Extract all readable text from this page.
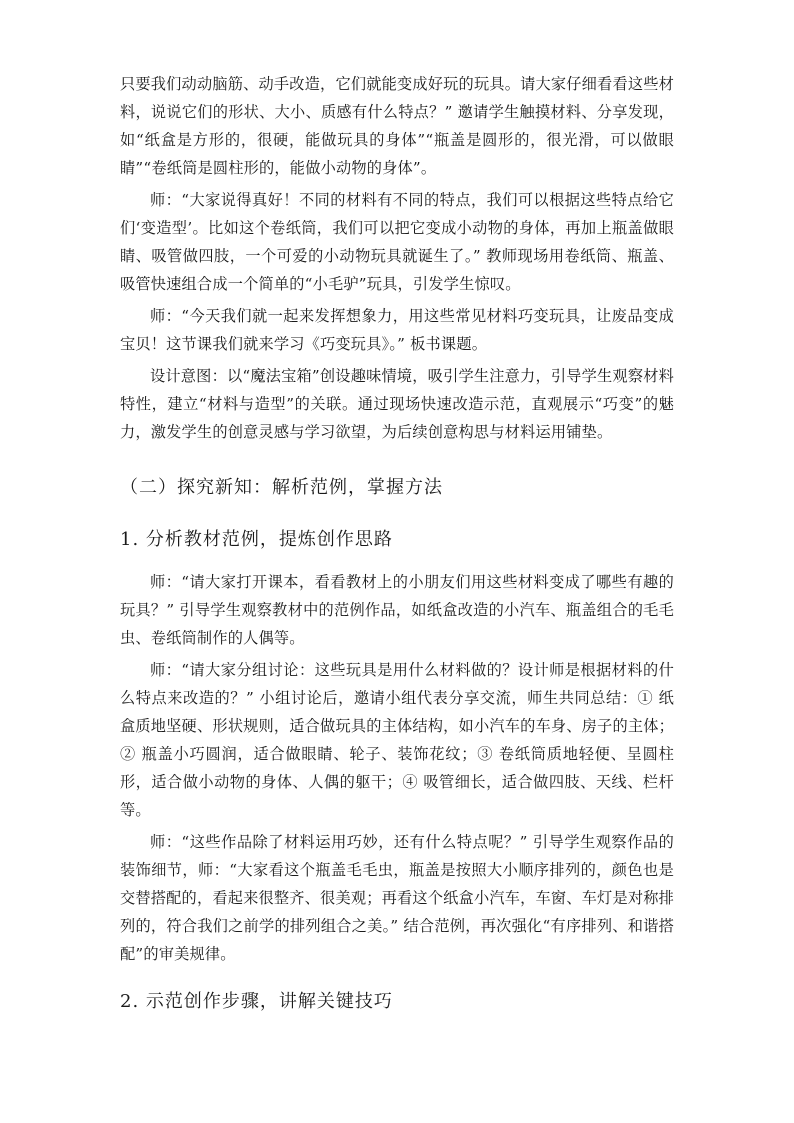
只要我们动动脑筋、动手改造，它们就能变成好玩的玩具。请大家仔细看看这些材料，说说它们的形状、大小、质感有什么特点？” 邀请学生触摸材料、分享发现，如“纸盒是方形的，很硬，能做玩具的身体”“瓶盖是圆形的，很光滑，可以做眼睛”“卷纸筒是圆柱形的，能做小动物的身体”。

师：“大家说得真好！不同的材料有不同的特点，我们可以根据这些特点给它们‘变造型’。比如这个卷纸筒，我们可以把它变成小动物的身体，再加上瓶盖做眼睛、吸管做四肢，一个可爱的小动物玩具就诞生了。” 教师现场用卷纸筒、瓶盖、吸管快速组合成一个简单的“小毛驴”玩具，引发学生惊叹。

师：“今天我们就一起来发挥想象力，用这些常见材料巧变玩具，让废品变成宝贝！这节课我们就来学习《巧变玩具》。” 板书课题。

设计意图：以“魔法宝箱”创设趣味情境，吸引学生注意力，引导学生观察材料特性，建立“材料与造型”的关联。通过现场快速改造示范，直观展示“巧变”的魅力，激发学生的创意灵感与学习欲望，为后续创意构思与材料运用铺垫。

（二）探究新知：解析范例，掌握方法
1. 分析教材范例，提炼创作思路

师：“请大家打开课本，看看教材上的小朋友们用这些材料变成了哪些有趣的玩具？” 引导学生观察教材中的范例作品，如纸盒改造的小汽车、瓶盖组合的毛毛虫、卷纸筒制作的人偶等。

师：“请大家分组讨论：这些玩具是用什么材料做的？设计师是根据材料的什么特点来改造的？” 小组讨论后，邀请小组代表分享交流，师生共同总结：① 纸盒质地坚硬、形状规则，适合做玩具的主体结构，如小汽车的车身、房子的主体；② 瓶盖小巧圆润，适合做眼睛、轮子、装饰花纹；③ 卷纸筒质地轻便、呈圆柱形，适合做小动物的身体、人偶的躯干；④ 吸管细长，适合做四肢、天线、栏杆等。

师：“这些作品除了材料运用巧妙，还有什么特点呢？” 引导学生观察作品的装饰细节，师：“大家看这个瓶盖毛毛虫，瓶盖是按照大小顺序排列的，颜色也是交替搭配的，看起来很整齐、很美观；再看这个纸盒小汽车，车窗、车灯是对称排列的，符合我们之前学的排列组合之美。” 结合范例，再次强化“有序排列、和谐搭配”的审美规律。

2. 示范创作步骤，讲解关键技巧
